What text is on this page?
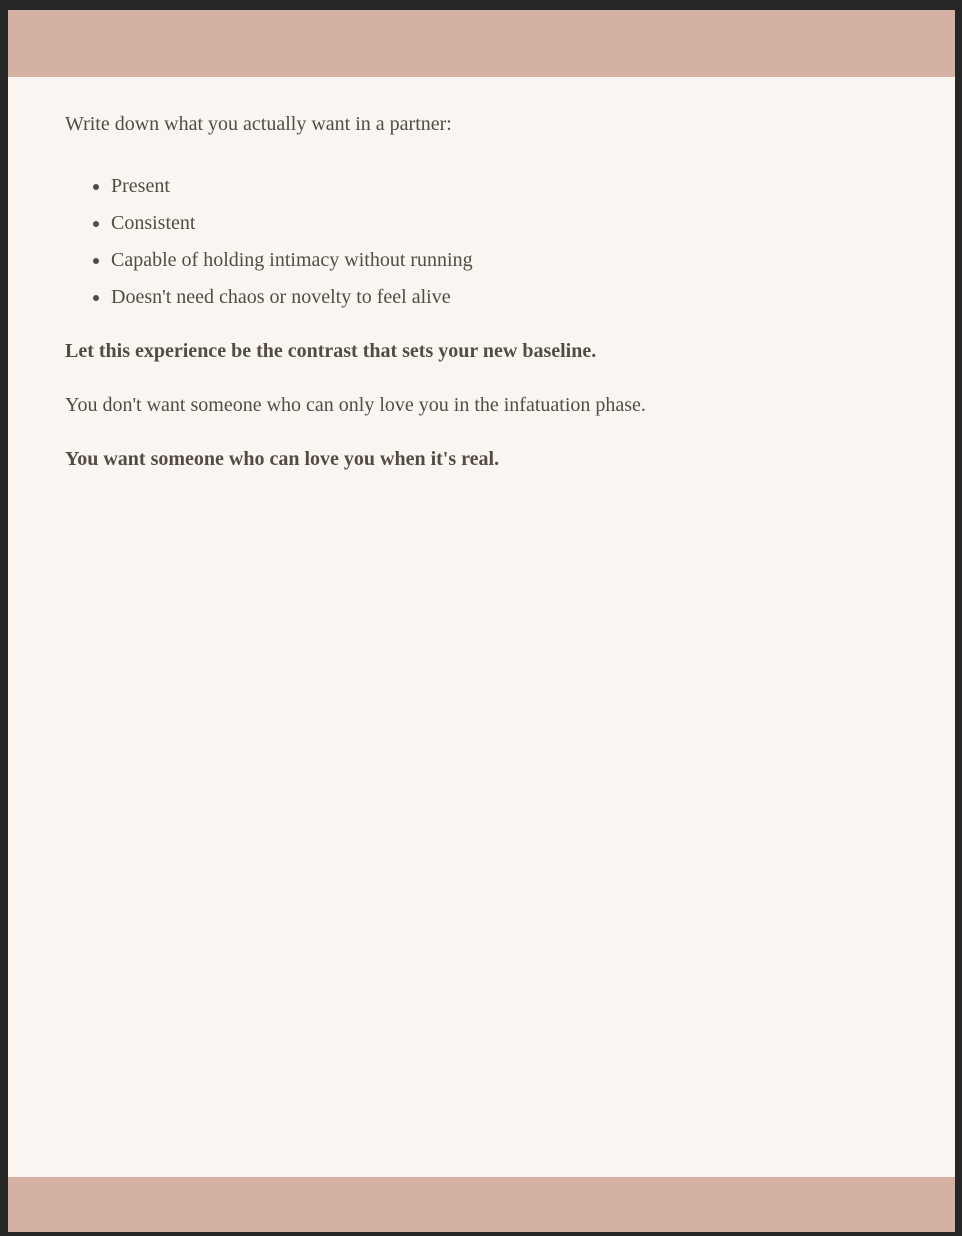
Write down what you actually want in a partner:

• Present
• Consistent
• Capable of holding intimacy without running
• Doesn't need chaos or novelty to feel alive

Let this experience be the contrast that sets your new baseline.

You don't want someone who can only love you in the infatuation phase.

You want someone who can love you when it's real.
